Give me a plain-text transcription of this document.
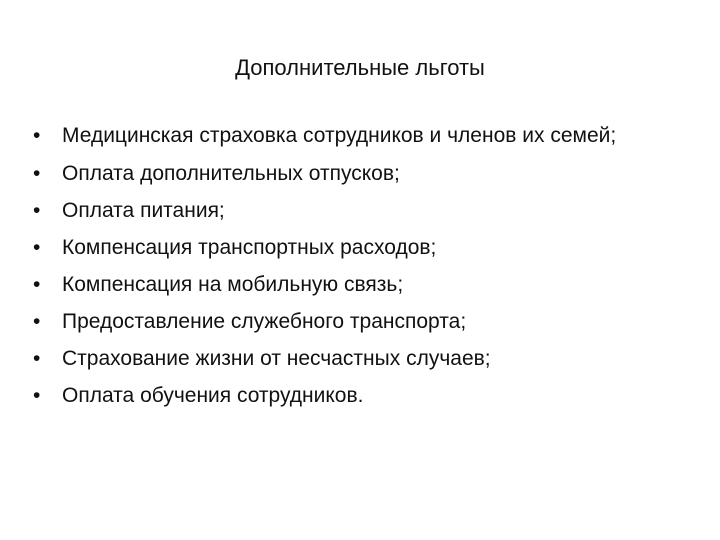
Дополнительные льготы
•	Медицинская страховка сотрудников и членов их семей;
•	Оплата дополнительных отпусков;
•	Оплата питания;
•	Компенсация транспортных расходов;
•	Компенсация на мобильную связь;
•	Предоставление служебного транспорта;
•	Страхование жизни от несчастных случаев;
•	Оплата обучения сотрудников.
